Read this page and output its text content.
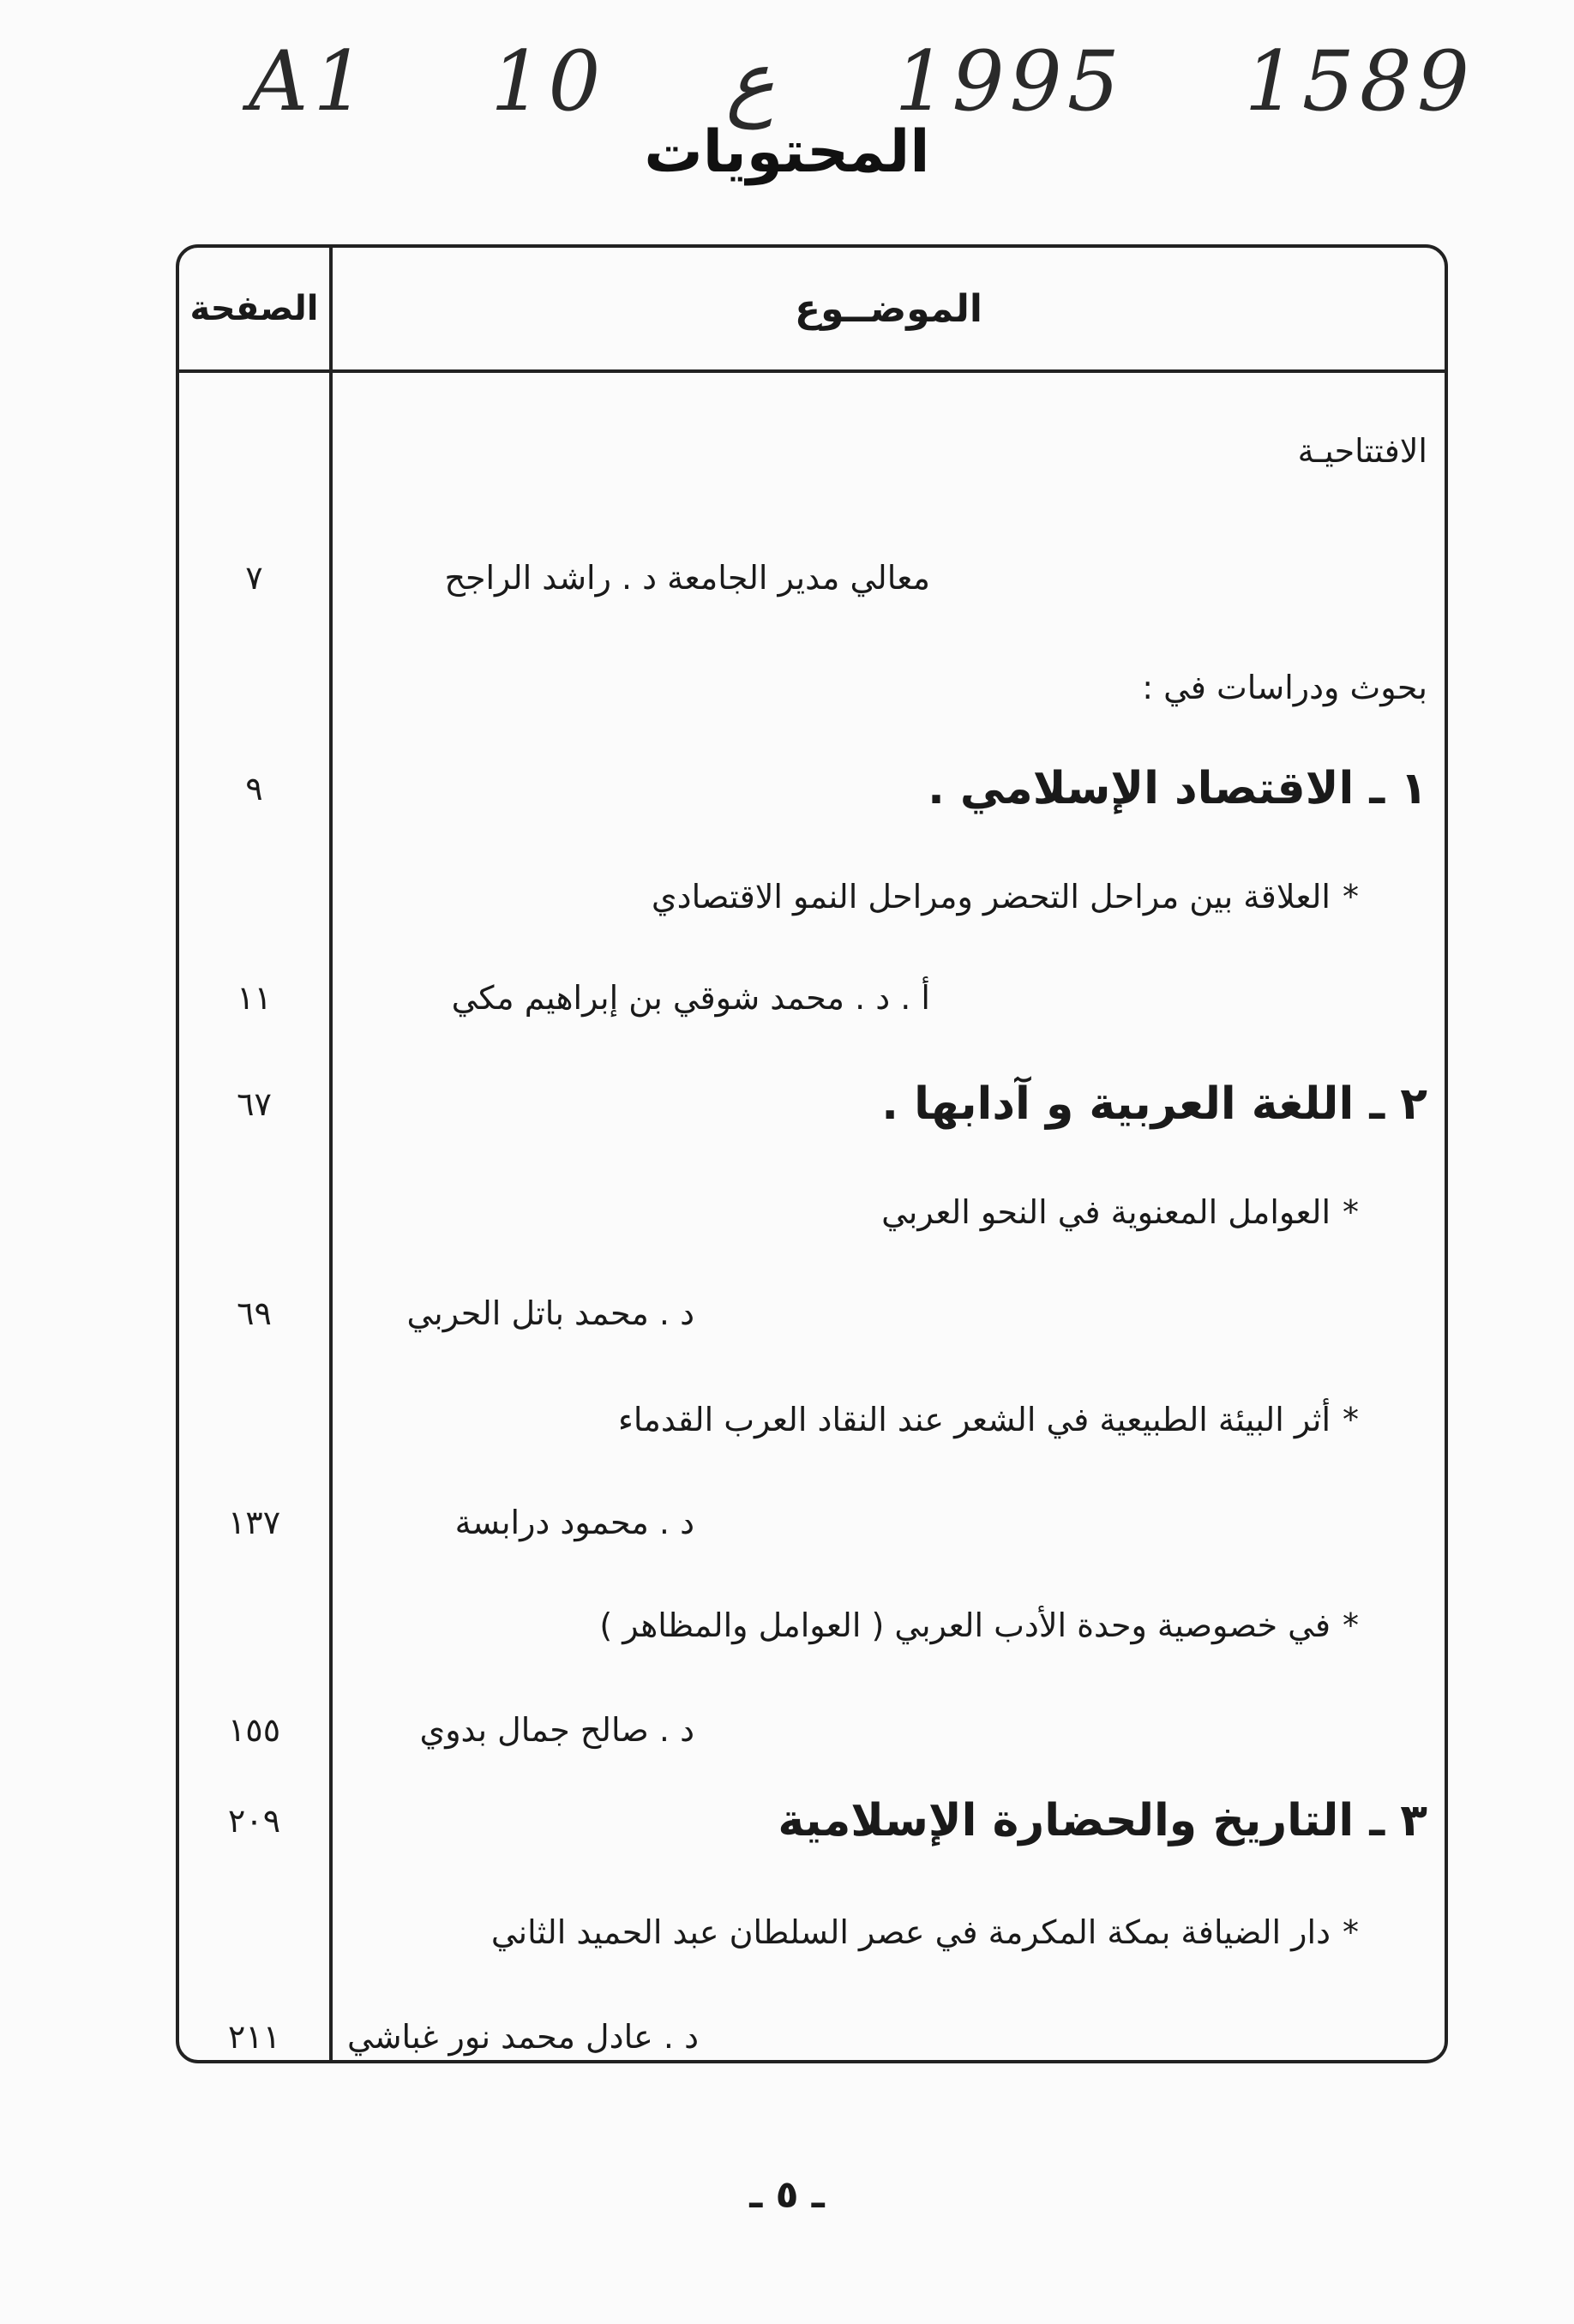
A1 10 ع 1995 1589
المحتويات
الموضــوع
الصفحة
الافتتاحيـة
معالي مدير الجامعة د . راشد الراجح
٧
بحوث ودراسات في :
١ ـ الاقتصاد الإسلامي .
٩
*
العلاقة بين مراحل التحضر ومراحل النمو الاقتصادي
أ . د . محمد شوقي بن إبراهيم مكي
١١
٢ ـ اللغة العربية و آدابها .
٦٧
*
العوامل المعنوية في النحو العربي
د . محمد باتل الحربي
٦٩
*
أثر البيئة الطبيعية في الشعر عند النقاد العرب القدماء
د . محمود درابسة
١٣٧
*
في خصوصية وحدة الأدب العربي ( العوامل والمظاهر )
د . صالح جمال بدوي
١٥٥
٣ ـ التاريخ والحضارة الإسلامية
٢٠٩
*
دار الضيافة بمكة المكرمة في عصر السلطان عبد الحميد الثاني
د . عادل محمد نور غباشي
٢١١
ـ ٥ ـ
